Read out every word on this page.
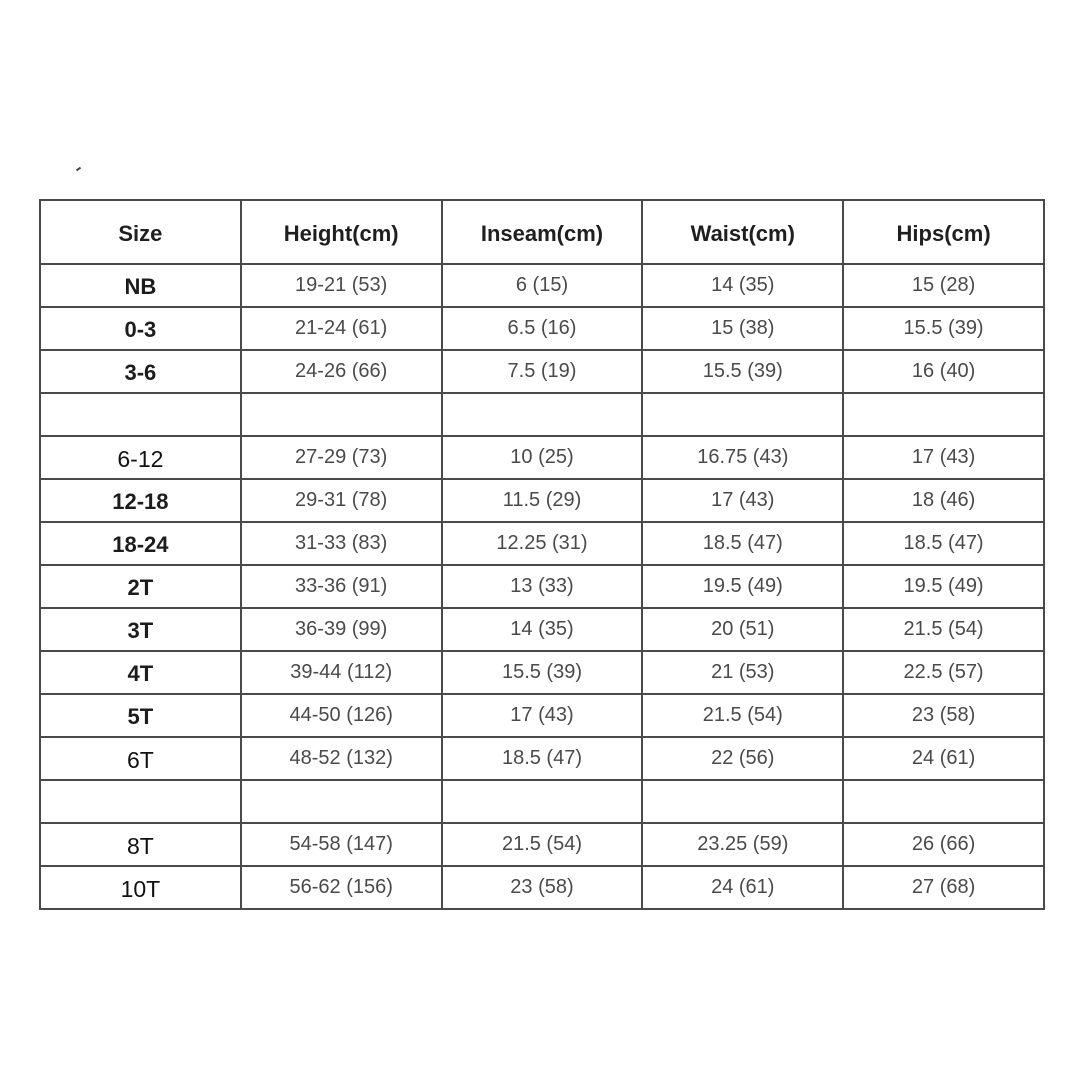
Size	Height(cm)	Inseam(cm)	Waist(cm)	Hips(cm)
NB	19-21 (53)	6 (15)	14 (35)	15 (28)
0-3	21-24 (61)	6.5 (16)	15 (38)	15.5 (39)
3-6	24-26 (66)	7.5 (19)	15.5 (39)	16 (40)

6-12	27-29 (73)	10 (25)	16.75 (43)	17 (43)
12-18	29-31 (78)	11.5 (29)	17 (43)	18 (46)
18-24	31-33 (83)	12.25 (31)	18.5 (47)	18.5 (47)
2T	33-36 (91)	13 (33)	19.5 (49)	19.5 (49)
3T	36-39 (99)	14 (35)	20 (51)	21.5 (54)
4T	39-44 (112)	15.5 (39)	21 (53)	22.5 (57)
5T	44-50 (126)	17 (43)	21.5 (54)	23 (58)
6T	48-52 (132)	18.5 (47)	22 (56)	24 (61)

8T	54-58 (147)	21.5 (54)	23.25 (59)	26 (66)
10T	56-62 (156)	23 (58)	24 (61)	27 (68)
